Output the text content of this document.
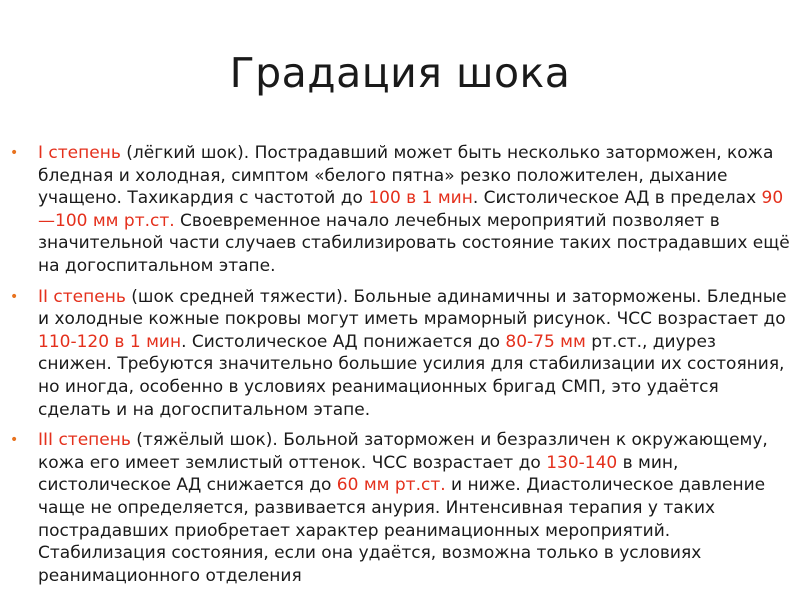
Градация шока
• I степень (лёгкий шок). Пострадавший может быть несколько заторможен, кожа бледная и холодная, симптом «белого пятна» резко положителен, дыхание учащено. Тахикардия с частотой до 100 в 1 мин. Систолическое АД в пределах 90—100 мм рт.ст. Своевременное начало лечебных мероприятий позволяет в значительной части случаев стабилизировать состояние таких пострадавших ещё на догоспитальном этапе.
• II степень (шок средней тяжести). Больные адинамичны и заторможены. Бледные и холодные кожные покровы могут иметь мраморный рисунок. ЧСС возрастает до 110-120 в 1 мин. Систолическое АД понижается до 80-75 мм рт.ст., диурез снижен. Требуются значительно большие усилия для стабилизации их состояния, но иногда, особенно в условиях реанимационных бригад СМП, это удаётся сделать и на догоспитальном этапе.
• III степень (тяжёлый шок). Больной заторможен и безразличен к окружающему, кожа его имеет землистый оттенок. ЧСС возрастает до 130-140 в мин, систолическое АД снижается до 60 мм рт.ст. и ниже. Диастолическое давление чаще не определяется, развивается анурия. Интенсивная терапия у таких пострадавших приобретает характер реанимационных мероприятий. Стабилизация состояния, если она удаётся, возможна только в условиях реанимационного отделения
